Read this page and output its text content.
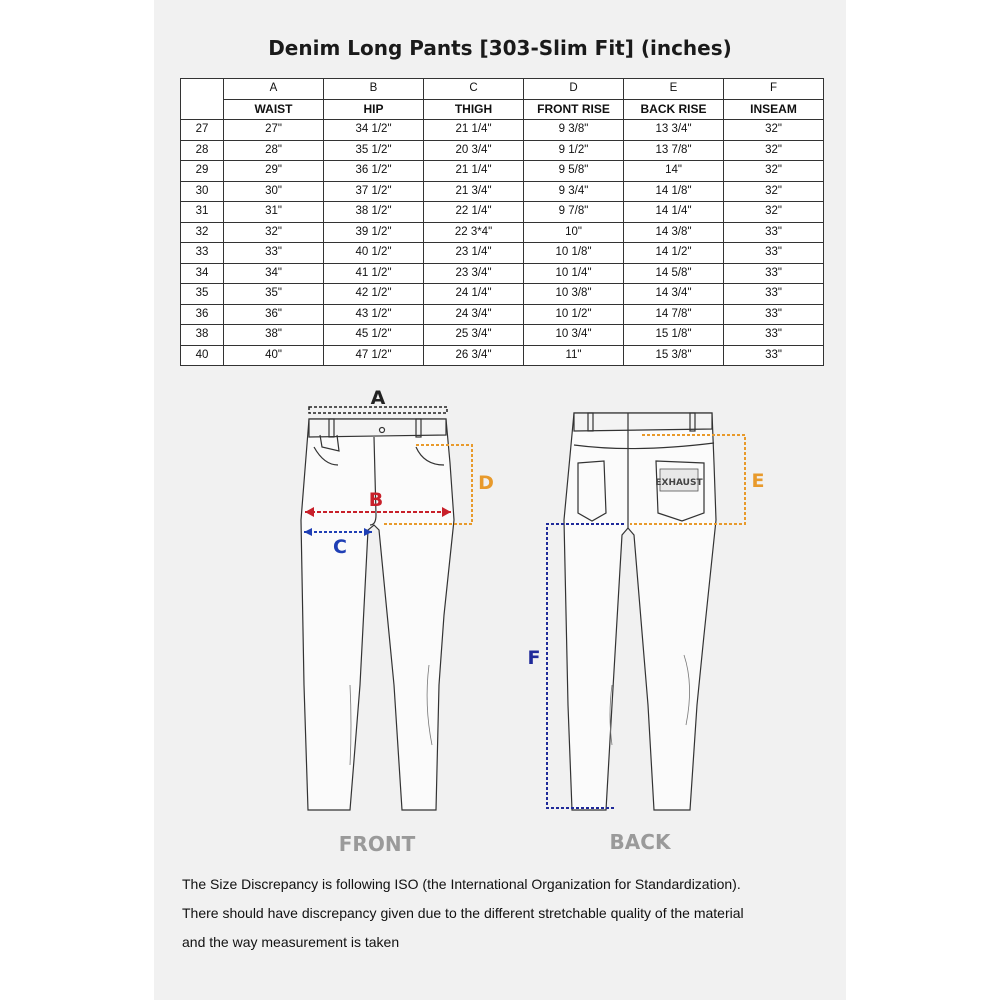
Denim Long Pants [303-Slim Fit] (inches)
	A	B	C	D	E	F
	WAIST	HIP	THIGH	FRONT RISE	BACK RISE	INSEAM
27	27"	34 1/2"	21 1/4"	9 3/8"	13 3/4"	32"
28	28"	35 1/2"	20 3/4"	9 1/2"	13 7/8"	32"
29	29"	36 1/2"	21 1/4"	9 5/8"	14"	32"
30	30"	37 1/2"	21 3/4"	9 3/4"	14 1/8"	32"
31	31"	38 1/2"	22 1/4"	9 7/8"	14 1/4"	32"
32	32"	39 1/2"	22 3*4"	10"	14 3/8"	33"
33	33"	40 1/2"	23 1/4"	10 1/8"	14 1/2"	33"
34	34"	41 1/2"	23 3/4"	10 1/4"	14 5/8"	33"
35	35"	42 1/2"	24 1/4"	10 3/8"	14 3/4"	33"
36	36"	43 1/2"	24 3/4"	10 1/2"	14 7/8"	33"
38	38"	45 1/2"	25 3/4"	10 3/4"	15 1/8"	33"
40	40"	47 1/2"	26 3/4"	11"	15 3/8"	33"
EXHAUST
A
B
C
D	E
F
FRONT	BACK

The Size Discrepancy is following ISO (the International Organization for Standardization).

There should have discrepancy given due to the different stretchable quality of the material

and the way measurement is taken
